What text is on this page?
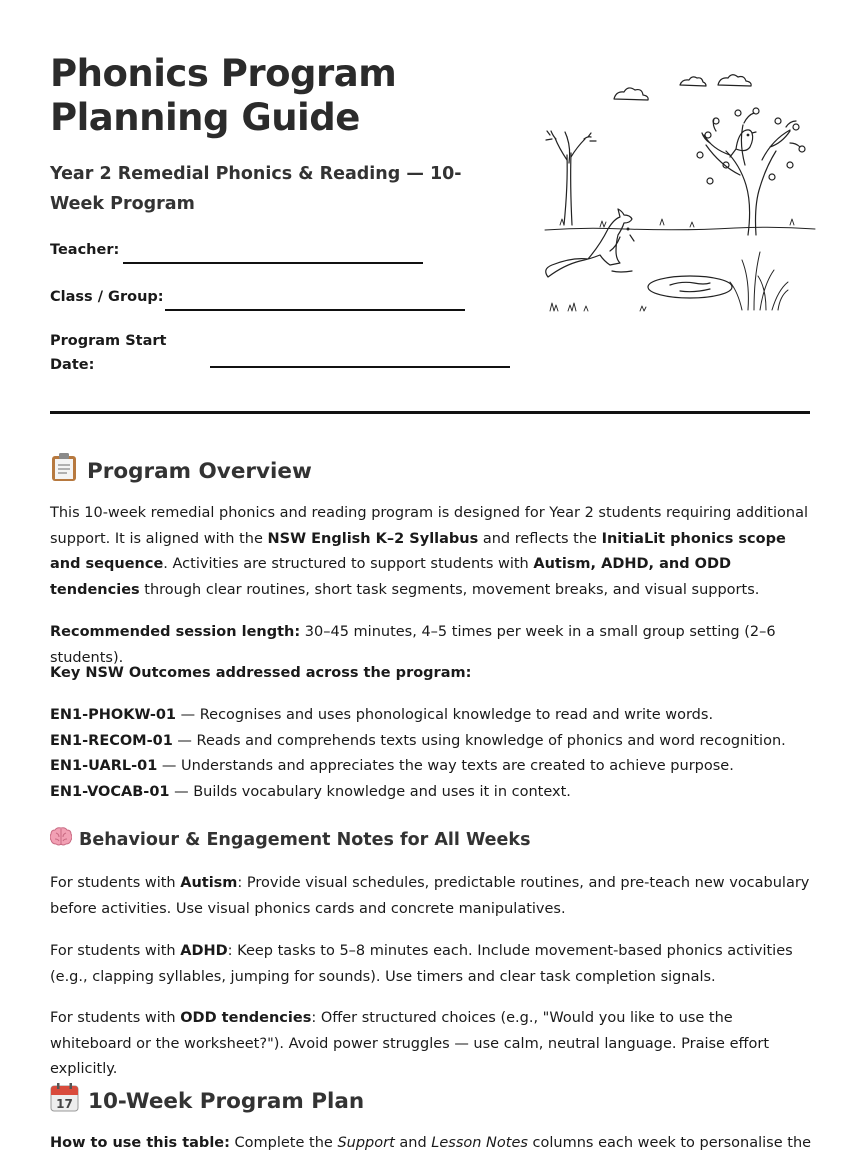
Phonics Program
Planning Guide
Year 2 Remedial Phonics & Reading — 10-Week Program
Teacher:
Class / Group:
Program Start
Date:
Program Overview

This 10-week remedial phonics and reading program is designed for Year 2 students requiring additional support. It is aligned with the NSW English K–2 Syllabus and reflects the InitiaLit phonics scope and sequence. Activities are structured to support students with Autism, ADHD, and ODD tendencies through clear routines, short task segments, movement breaks, and visual supports.

Recommended session length: 30–45 minutes, 4–5 times per week in a small group setting (2–6 students).

Key NSW Outcomes addressed across the program:

EN1-PHOKW-01 — Recognises and uses phonological knowledge to read and write words.
EN1-RECOM-01 — Reads and comprehends texts using knowledge of phonics and word recognition.
EN1-UARL-01 — Understands and appreciates the way texts are created to achieve purpose.
EN1-VOCAB-01 — Builds vocabulary knowledge and uses it in context.
Behaviour & Engagement Notes for All Weeks

For students with Autism: Provide visual schedules, predictable routines, and pre-teach new vocabulary before activities. Use visual phonics cards and concrete manipulatives.

For students with ADHD: Keep tasks to 5–8 minutes each. Include movement-based phonics activities (e.g., clapping syllables, jumping for sounds). Use timers and clear task completion signals.

For students with ODD tendencies: Offer structured choices (e.g., "Would you like to use the whiteboard or the worksheet?"). Avoid power struggles — use calm, neutral language. Praise effort explicitly.

17 10-Week Program Plan

How to use this table: Complete the Support and Lesson Notes columns each week to personalise the
